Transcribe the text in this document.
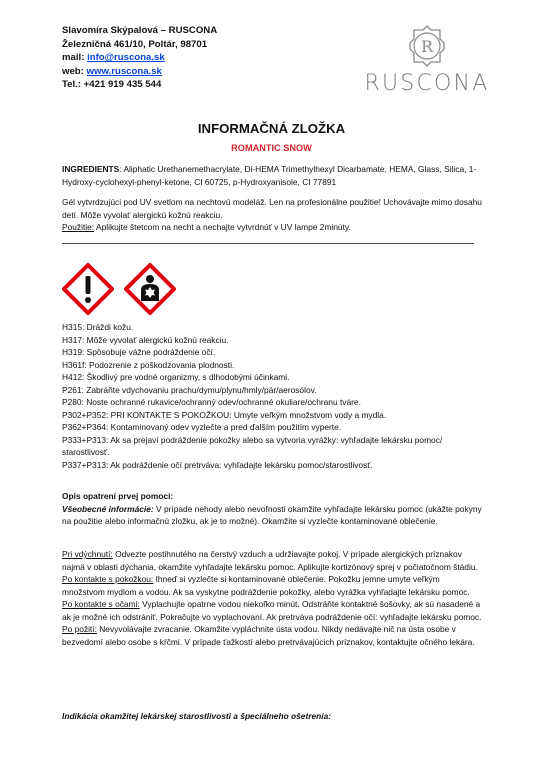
Slavomíra Skýpalová – RUSCONA
Železničná 461/10, Poltár, 98701
mail: info@ruscona.sk
web: www.ruscona.sk
Tel.: +421 919 435 544
R
RUSCONA
INFORMAČNÁ ZLOŽKA
ROMANTIC SNOW
INGREDIENTS: Aliphatic Urethanemethacrylate, Di-HEMA Trimethylhexyl Dicarbamate, HEMA, Glass, Silica, 1-Hydroxy-cyclohexyl-phenyl-ketone, CI 60725, p-Hydroxyanisole, CI 77891
Gél vytvrdzujúci pod UV svetlom na nechtovú modeláž. Len na profesionálne použitie! Uchovávajte mimo dosahu detí. Môže vyvolať alergickú kožnú reakciu.
Použitie: Aplikujte štetcom na necht a nechajte vytvrdnúť v UV lampe 2minúty.
H315: Dráždi kožu.
H317: Môže vyvolať alergickú kožnú reakciu.
H319: Spôsobuje vážne podráždenie očí.
H361f: Podozrenie z poškodzovania plodnosti.
H412: Škodlivý pre vodné organizmy, s dlhodobými účinkami.
P261: Zabráňte vdychovaniu prachu/dymu/plynu/hmly/pár/aerosólov.
P280: Noste ochranné rukavice/ochranný odev/ochranné okuliare/ochranu tváre.
P302+P352: PRI KONTAKTE S POKOŽKOU: Umyte veľkým množstvom vody a mydla.
P362+P364: Kontaminovaný odev vyzlečte a pred ďalším použitím vyperte.
P333+P313: Ak sa prejaví podráždenie pokožky alebo sa vytvoria vyrážky: vyhľadajte lekársku pomoc/
starostlivosť.
P337+P313: Ak podráždenie očí pretrváva: vyhľadajte lekársku pomoc/starostlivosť.
Opis opatrení prvej pomoci:
Všeobecné informácie: V prípade nehody alebo nevoľnosti okamžite vyhľadajte lekársku pomoc (ukážte pokyny na použitie alebo informačnú zložku, ak je to možné). Okamžite si vyzlečte kontaminované oblečenie.
Pri vdýchnutí: Odvezte postihnutého na čerstvý vzduch a udržiavajte pokoj. V prípade alergických príznakov najmä v oblasti dýchania, okamžite vyhľadajte lekársku pomoc. Aplikujte kortizónový sprej v počiatočnom štádiu.
Po kontakte s pokožkou: Ihneď si vyzlečte si kontaminované oblečenie. Pokožku jemne umyte veľkým množstvom mydlom a vodou. Ak sa vyskytne podráždenie pokožky, alebo vyrážka vyhľadajte lekársku pomoc.
Po kontakte s očami: Vyplachujte opatrne vodou niekoľko minút. Odstráňte kontaktné šošovky, ak sú nasadené a ak je možné ich odstrániť. Pokračujte vo vyplachovaní. Ak pretrváva podráždenie očí: vyhľadajte lekársku pomoc.
Po požití: Nevyvolávajte zvracanie. Okamžite vypláchnite ústa vodou. Nikdy nedávajte nič na ústa osobe v bezvedomí alebo osobe s kŕčmi. V prípade ťažkostí alebo pretrvávajúcich príznakov, kontaktujte očného lekára.
Indikácia okamžitej lekárskej starostlivosti a špeciálneho ošetrenia:
